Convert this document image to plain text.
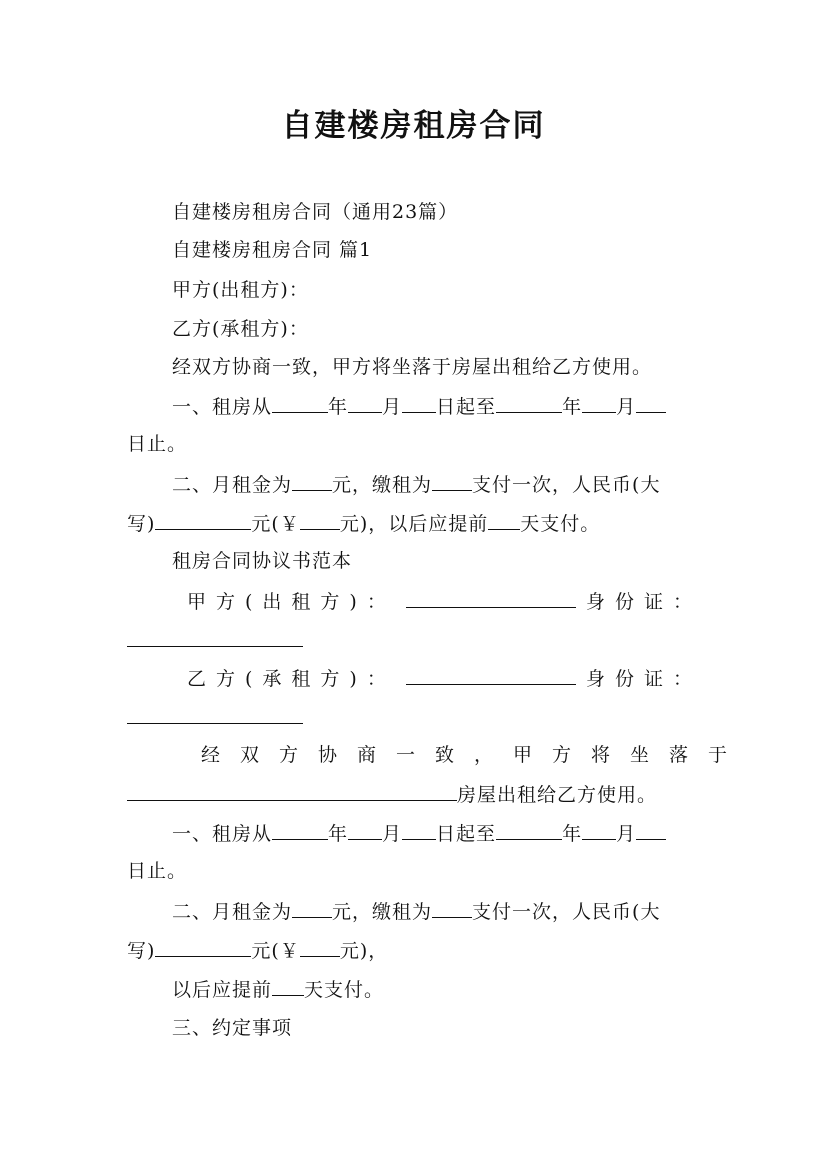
自建楼房租房合同
自建楼房租房合同（通用23篇）
自建楼房租房合同 篇1
甲方(出租方)：
乙方(承租方)：
经双方协商一致，甲方将坐落于房屋出租给乙方使用。
一、租房从	年 月 日起至	年 月
日止。
二、月租金为 元，缴租为 支付一次，人民币(大
写)	元(￥ 元)，以后应提前 天支付。
租房合同协议书范本
甲方(出租方)：	身份证：
乙方(承租方)：	身份证：
经双方协商一致，甲方将坐落于
房屋出租给乙方使用。
一、租房从	年 月 日起至	年 月
日止。
二、月租金为 元，缴租为 支付一次，人民币(大
写)	元(￥ 元)，
以后应提前 天支付。
三、约定事项
